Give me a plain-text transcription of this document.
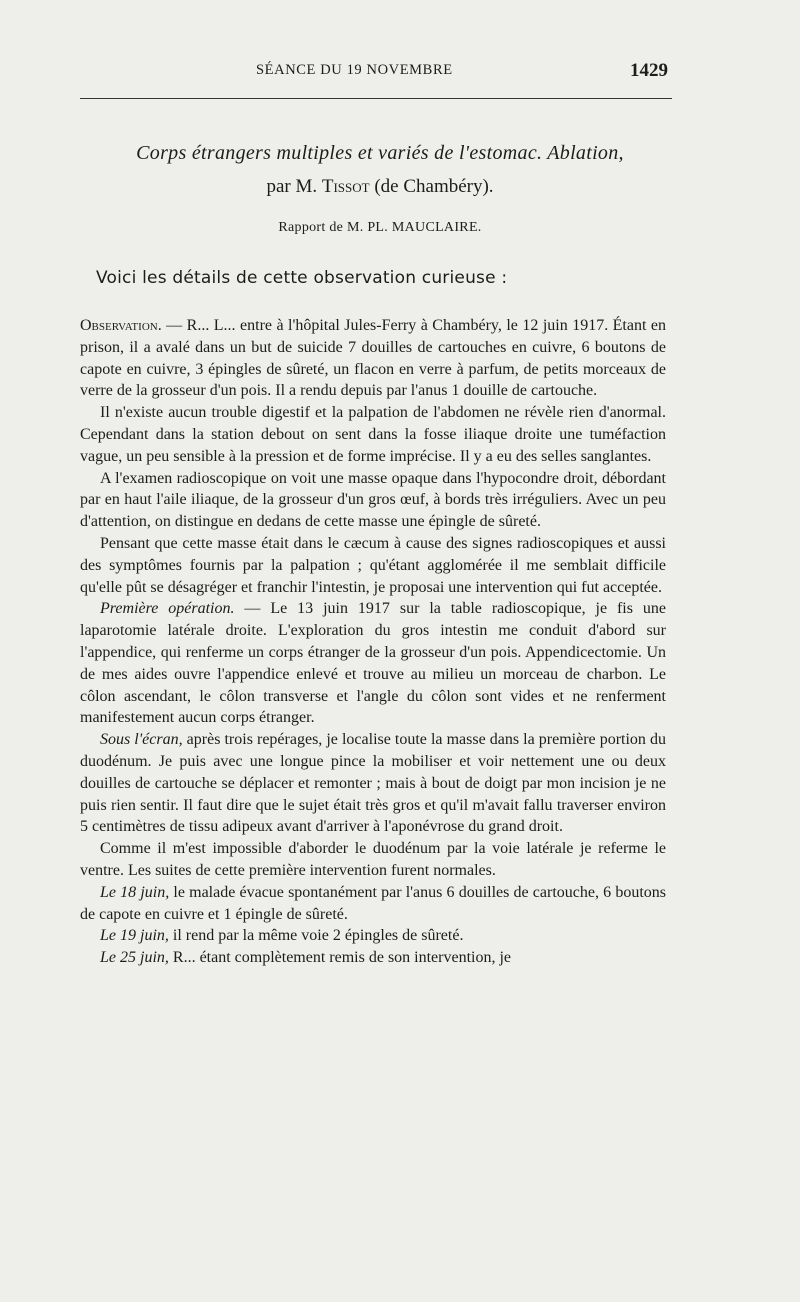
SÉANCE DU 19 NOVEMBRE	1429
Corps étrangers multiples et variés de l'estomac. Ablation,
par M. Tissot (de Chambéry).
Rapport de M. PL. MAUCLAIRE.
Voici les détails de cette observation curieuse :

Observation. — R... L... entre à l'hôpital Jules-Ferry à Chambéry, le 12 juin 1917. Étant en prison, il a avalé dans un but de suicide 7 douilles de cartouches en cuivre, 6 boutons de capote en cuivre, 3 épingles de sûreté, un flacon en verre à parfum, de petits morceaux de verre de la grosseur d'un pois. Il a rendu depuis par l'anus 1 douille de cartouche.

Il n'existe aucun trouble digestif et la palpation de l'abdomen ne révèle rien d'anormal. Cependant dans la station debout on sent dans la fosse iliaque droite une tuméfaction vague, un peu sensible à la pression et de forme imprécise. Il y a eu des selles sanglantes.

A l'examen radioscopique on voit une masse opaque dans l'hypocondre droit, débordant par en haut l'aile iliaque, de la grosseur d'un gros œuf, à bords très irréguliers. Avec un peu d'attention, on distingue en dedans de cette masse une épingle de sûreté.

Pensant que cette masse était dans le cæcum à cause des signes radioscopiques et aussi des symptômes fournis par la palpation ; qu'étant agglomérée il me semblait difficile qu'elle pût se désagréger et franchir l'intestin, je proposai une intervention qui fut acceptée.

Première opération. — Le 13 juin 1917 sur la table radioscopique, je fis une laparotomie latérale droite. L'exploration du gros intestin me conduit d'abord sur l'appendice, qui renferme un corps étranger de la grosseur d'un pois. Appendicectomie. Un de mes aides ouvre l'appendice enlevé et trouve au milieu un morceau de charbon. Le côlon ascendant, le côlon transverse et l'angle du côlon sont vides et ne renferment manifestement aucun corps étranger.

Sous l'écran, après trois repérages, je localise toute la masse dans la première portion du duodénum. Je puis avec une longue pince la mobiliser et voir nettement une ou deux douilles de cartouche se déplacer et remonter ; mais à bout de doigt par mon incision je ne puis rien sentir. Il faut dire que le sujet était très gros et qu'il m'avait fallu traverser environ 5 centimètres de tissu adipeux avant d'arriver à l'aponévrose du grand droit.

Comme il m'est impossible d'aborder le duodénum par la voie latérale je referme le ventre. Les suites de cette première intervention furent normales.

Le 18 juin, le malade évacue spontanément par l'anus 6 douilles de cartouche, 6 boutons de capote en cuivre et 1 épingle de sûreté.

Le 19 juin, il rend par la même voie 2 épingles de sûreté.

Le 25 juin, R... étant complètement remis de son intervention, je
